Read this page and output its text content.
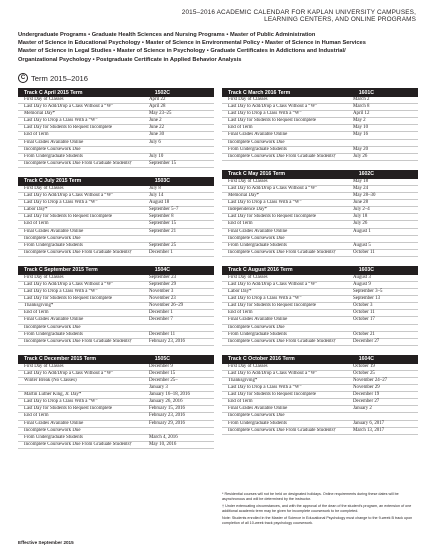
2015–2016 ACADEMIC CALENDAR FOR KAPLAN UNIVERSITY CAMPUSES,
LEARNING CENTERS, AND ONLINE PROGRAMS
Undergraduate Programs • Graduate Health Sciences and Nursing Programs • Master of Public Administration
Master of Science in Educational Psychology • Master of Science in Environmental Policy • Master of Science in Human Services
Master of Science in Legal Studies • Master of Science in Psychology • Graduate Certificates in Addictions and Industrial/
Organizational Psychology • Postgraduate Certificate in Applied Behavior Analysis
C Term 2015–2016
Track C April 2015 Term	1502C
First Day of Classes	April 22
Last Day to Add/Drop a Class Without a “W”	April 28
Memorial Day*	May 23–25
Last Day to Drop a Class With a “W”	June 2
Last Day for Students to Request Incomplete	June 22
End of Term	June 30
Final Grades Available Online	July 6
Incomplete Coursework Due
From Undergraduate Students	July 10
Incomplete Coursework Due From Graduate Students†	September 15
Track C July 2015 Term	1503C
First Day of Classes	July 8
Last Day to Add/Drop a Class Without a “W”	July 14
Last Day to Drop a Class With a “W”	August 18
Labor Day*	September 5–7
Last Day for Students to Request Incomplete	September 8
End of Term	September 15
Final Grades Available Online	September 21
Incomplete Coursework Due
From Undergraduate Students	September 25
Incomplete Coursework Due From Graduate Students†	December 1
Track C September 2015 Term	1504C
First Day of Classes	September 23
Last Day to Add/Drop a Class Without a “W”	September 29
Last Day to Drop a Class With a “W”	November 3
Last Day for Students to Request Incomplete	November 23
Thanksgiving*	November 26–29
End of Term	December 1
Final Grades Available Online	December 7
Incomplete Coursework Due
From Undergraduate Students	December 11
Incomplete Coursework Due From Graduate Students†	February 23, 2016
Track C December 2015 Term	1505C
First Day of Classes	December 9
Last Day to Add/Drop a Class Without a “W”	December 15
Winter Break (No Classes)	December 25–
January 3
Martin Luther King, Jr. Day*	January 16–18, 2016
Last Day to Drop a Class With a “W”	January 26, 2016
Last Day for Students to Request Incomplete	February 15, 2016
End of Term	February 23, 2016
Final Grades Available Online	February 29, 2016
Incomplete Coursework Due
From Undergraduate Students	March 4, 2016
Incomplete Coursework Due From Graduate Students†	May 10, 2016
Track C March 2016 Term	1601C
First Day of Classes	March 2
Last Day to Add/Drop a Class Without a “W”	March 8
Last Day to Drop a Class With a “W”	April 12
Last Day for Students to Request Incomplete	May 2
End of Term	May 10
Final Grades Available Online	May 16
Incomplete Coursework Due
From Undergraduate Students	May 20
Incomplete Coursework Due From Graduate Students†	July 26
Track C May 2016 Term	1602C
First Day of Classes	May 18
Last Day to Add/Drop a Class Without a “W”	May 24
Memorial Day*	May 28–30
Last Day to Drop a Class With a “W”	June 28
Independence Day*	July 2–4
Last Day for Students to Request Incomplete	July 18
End of Term	July 26
Final Grades Available Online	August 1
Incomplete Coursework Due
From Undergraduate Students	August 5
Incomplete Coursework Due From Graduate Students†	October 11
Track C August 2016 Term	1603C
First Day of Classes	August 3
Last Day to Add/Drop a Class Without a “W”	August 9
Labor Day*	September 3–5
Last Day to Drop a Class With a “W”	September 13
Last Day for Students to Request Incomplete	October 3
End of Term	October 11
Final Grades Available Online	October 17
Incomplete Coursework Due
From Undergraduate Students	October 21
Incomplete Coursework Due From Graduate Students†	December 27
Track C October 2016 Term	1604C
First Day of Classes	October 19
Last Day to Add/Drop a Class Without a “W”	October 25
Thanksgiving*	November 24–27
Last Day to Drop a Class With a “W”	November 29
Last Day for Students to Request Incomplete	December 19
End of Term	December 27
Final Grades Available Online	January 2
Incomplete Coursework Due
From Undergraduate Students	January 6, 2017
Incomplete Coursework Due From Graduate Students†	March 13, 2017

* Residential courses will not be held on designated holidays. Online requirements during these dates will be asynchronous and will be determined by the instructor.

† Under extenuating circumstances, and with the approval of the dean of the student's program, an extension of one additional academic term may be given for incomplete coursework to be completed.

Note: Students enrolled in the Master of Science in Educational Psychology must change to the 9-week B track upon completion of all 10-week track psychology coursework.

Effective September 2015
